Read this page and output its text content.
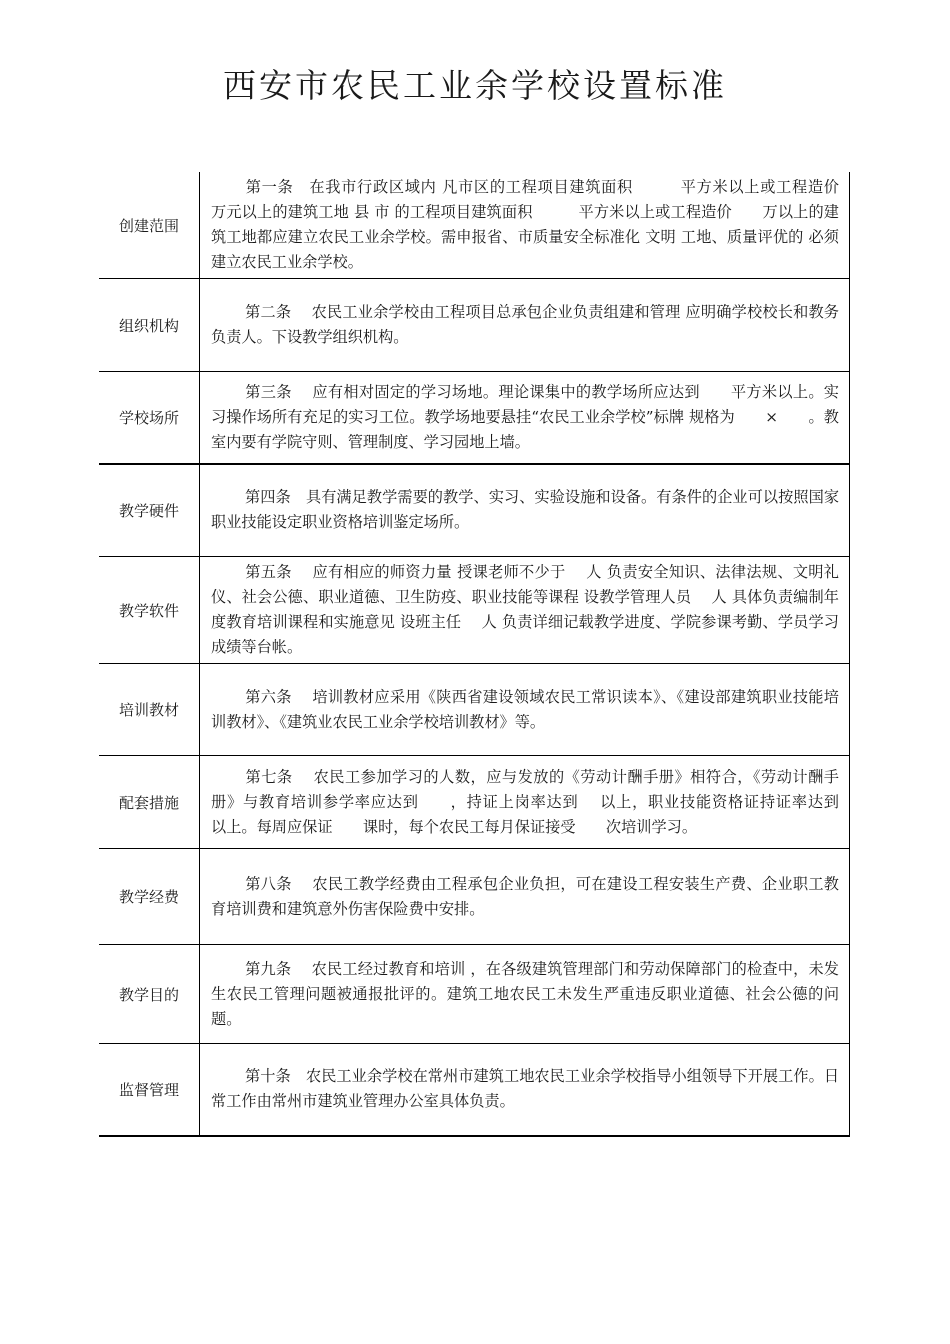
西安市农民工业余学校设置标准
创建范围	第一条　在我市行政区域内 凡市区的工程项目建筑面积　　　平方米以上或工程造价　　　万元以上的建筑工地 县 市 的工程项目建筑面积　　　平方米以上或工程造价　　万以上的建筑工地都应建立农民工业余学校。需申报省、市质量安全标准化 文明 工地、质量评优的 必须建立农民工业余学校。
组织机构	第二条　 农民工业余学校由工程项目总承包企业负责组建和管理 应明确学校校长和教务负责人。下设教学组织机构。
学校场所	第三条　 应有相对固定的学习场地。理论课集中的教学场所应达到　　平方米以上。实习操作场所有充足的实习工位。教学场地要悬挂“农民工业余学校”标牌 规格为　　×　　。教室内要有学院守则、管理制度、学习园地上墙。
教学硬件	第四条　具有满足教学需要的教学、实习、实验设施和设备。有条件的企业可以按照国家职业技能设定职业资格培训鉴定场所。
教学软件	第五条　 应有相应的师资力量 授课老师不少于　 人 负责安全知识、法律法规、文明礼仪、社会公德、职业道德、卫生防疫、职业技能等课程 设教学管理人员　 人 具体负责编制年度教育培训课程和实施意见 设班主任　 人 负责详细记载教学进度、学院参课考勤、学员学习成绩等台帐。
培训教材	第六条　 培训教材应采用《陕西省建设领域农民工常识读本》、《建设部建筑职业技能培训教材》、《建筑业农民工业余学校培训教材》等。
配套措施	第七条　 农民工参加学习的人数，应与发放的《劳动计酬手册》相符合，《劳动计酬手册》与教育培训参学率应达到　　，持证上岗率达到　 以上，职业技能资格证持证率达到　 以上。每周应保证　　课时，每个农民工每月保证接受　　次培训学习。
教学经费	第八条　 农民工教学经费由工程承包企业负担，可在建设工程安装生产费、企业职工教育培训费和建筑意外伤害保险费中安排。
教学目的	第九条　 农民工经过教育和培训 ，在各级建筑管理部门和劳动保障部门的检查中，未发生农民工管理问题被通报批评的。建筑工地农民工未发生严重违反职业道德、社会公德的问题。
监督管理	第十条　农民工业余学校在常州市建筑工地农民工业余学校指导小组领导下开展工作。日常工作由常州市建筑业管理办公室具体负责。
